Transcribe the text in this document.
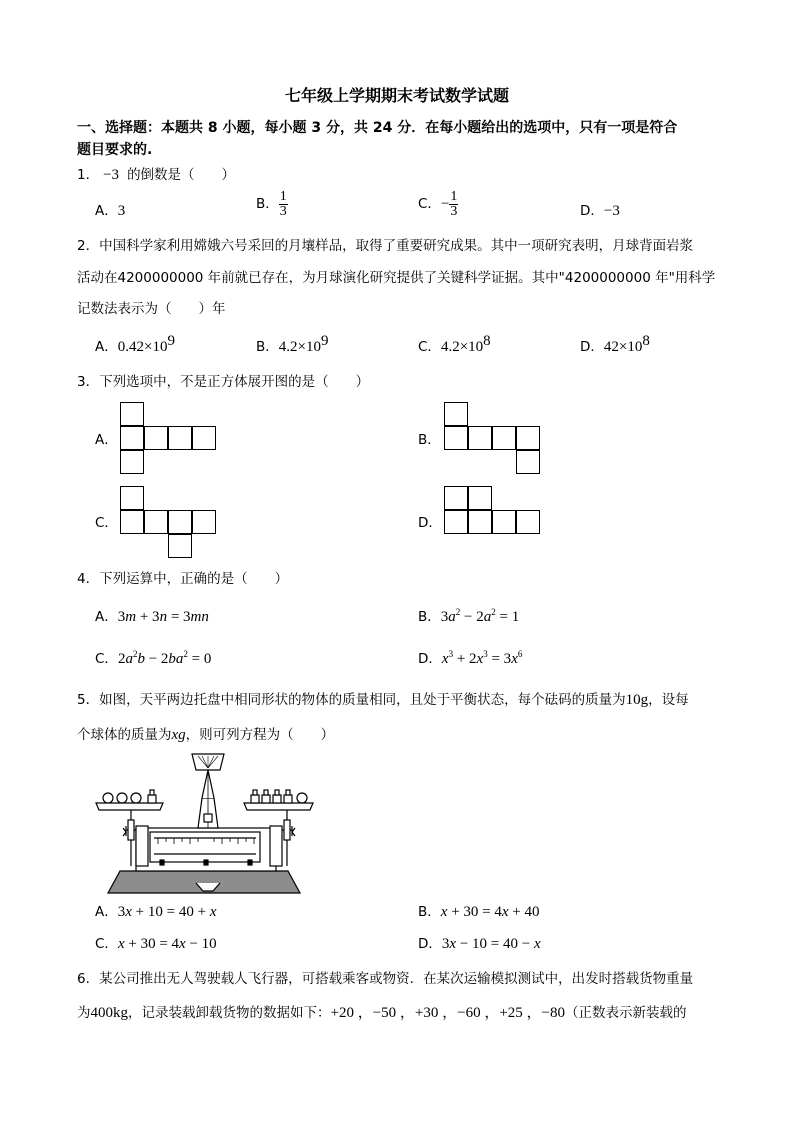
七年级上学期期末考试数学试题
一、选择题：本题共 8 小题，每小题 3 分，共 24 分．在每小题给出的选项中，只有一项是符合
题目要求的.
1． −3 的倒数是（　　）
A．3	B． $\frac{1}{3}$	C．− $\frac{1}{3}$	D．−3
2．中国科学家利用嫦娥六号采回的月壤样品，取得了重要研究成果。其中一项研究表明，月球背面岩浆
活动在4200000000 年前就已存在，为月球演化研究提供了关键科学证据。其中"4200000000 年"用科学
记数法表示为（　　）年
A．$0.42\times 10^9$	B．$4.2\times 10^9$	C．$4.2\times 10^8$	D．$42\times 10^8$
3．下列选项中，不是正方体展开图的是（　　）
A．	B．
C．	D．
4．下列运算中，正确的是（　　）
A．3m + 3n = 3mn	B．$3a^2 - 2a^2 = 1$
C．$2a^2b - 2ba^2 = 0$	D．$x^3 + 2x^3 = 3x^6$
5．如图，天平两边托盘中相同形状的物体的质量相同，且处于平衡状态，每个砝码的质量为10g，设每
个球体的质量为xg，则可列方程为（　　）
A．3x + 10 = 40 + x	B．x + 30 = 4x + 40
C．x + 30 = 4x − 10	D．3x − 10 = 40 − x
6．某公司推出无人驾驶载人飞行器，可搭载乘客或物资．在某次运输模拟测试中，出发时搭载货物重量
为400kg，记录装载卸载货物的数据如下：+20 ，−50 ，+30 ，−60 ，+25 ，−80（正数表示新装载的
